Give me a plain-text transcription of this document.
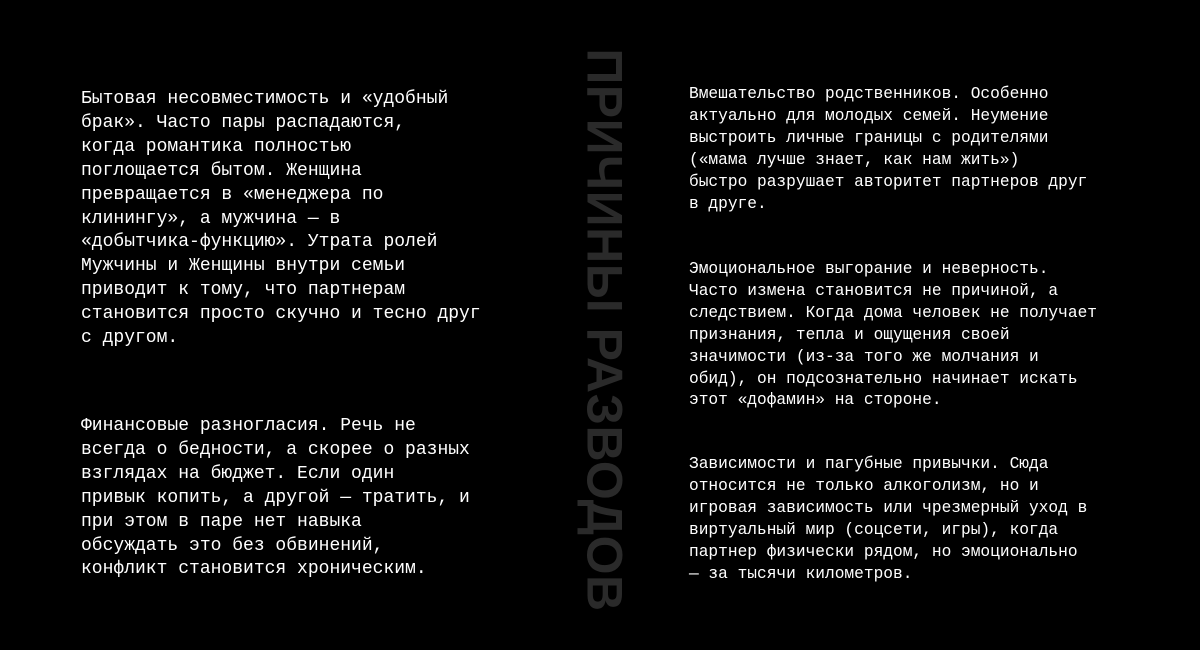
Бытовая несовместимость и «удобный
брак». Часто пары распадаются,
когда романтика полностью
поглощается бытом. Женщина
превращается в «менеджера по
клинингу», а мужчина — в
«добытчика-функцию». Утрата ролей
Мужчины и Женщины внутри семьи
приводит к тому, что партнерам
становится просто скучно и тесно друг
с другом.

Финансовые разногласия. Речь не
всегда о бедности, а скорее о разных
взглядах на бюджет. Если один
привык копить, а другой — тратить, и
при этом в паре нет навыка
обсуждать это без обвинений,
конфликт становится хроническим.	ПРИЧИНЫ РАЗВОДОВ	Вмешательство родственников. Особенно
актуально для молодых семей. Неумение
выстроить личные границы с родителями
(«мама лучше знает, как нам жить»)
быстро разрушает авторитет партнеров друг
в друге.

Эмоциональное выгорание и неверность.
Часто измена становится не причиной, а
следствием. Когда дома человек не получает
признания, тепла и ощущения своей
значимости (из-за того же молчания и
обид), он подсознательно начинает искать
этот «дофамин» на стороне.

Зависимости и пагубные привычки. Сюда
относится не только алкоголизм, но и
игровая зависимость или чрезмерный уход в
виртуальный мир (соцсети, игры), когда
партнер физически рядом, но эмоционально
— за тысячи километров.
